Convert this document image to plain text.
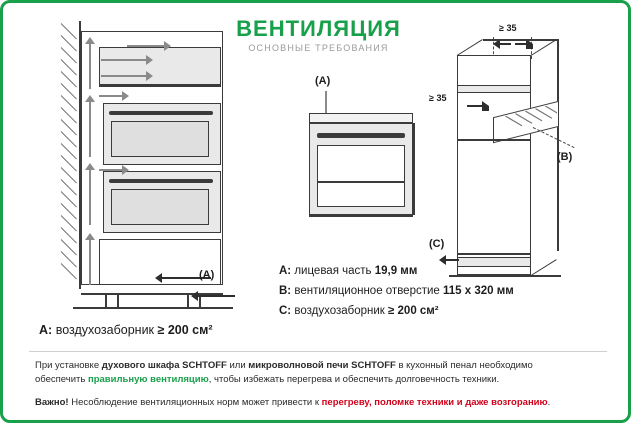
ВЕНТИЛЯЦИЯ
ОСНОВНЫЕ ТРЕБОВАНИЯ
(A)
(A)
≥ 35
≥ 35
(B)
(C)
A: лицевая часть 19,9 мм
B: вентиляционное отверстие 115 х 320 мм
C: воздухозаборник ≥ 200 см²
A: воздухозаборник ≥ 200 см²

При установке духового шкафа SCHTOFF или микроволновой печи SCHTOFF в кухонный пенал необходимо

обеспечить правильную вентиляцию, чтобы избежать перегрева и обеспечить долговечность техники.

Важно! Несоблюдение вентиляционных норм может привести к перегреву, поломке техники и даже возгоранию.
